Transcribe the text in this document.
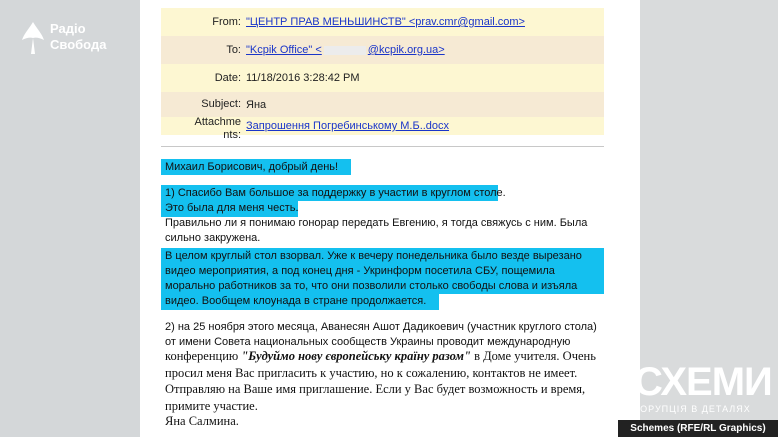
Радіо
Свобода
From: "ЦЕНТР ПРАВ МЕНЬШИНСТВ" <prav.cmr@gmail.com>
To: "Kcpik Office" <	@kcpik.org.ua>
Date: 11/18/2016 3:28:42 PM
Subject: Яна
Attachme
nts:
Запрошення Погребинському М.Б..docx
Михаил Борисович, добрый день!
1) Спасибо Вам большое за поддержку в участии в круглом столе.
Это была для меня честь.
Правильно ли я понимаю гонорар передать Евгению, я тогда свяжусь с ним. Была
сильно закружена.
В целом круглый стол взорвал. Уже к вечеру понедельника было везде вырезано
видео мероприятия, а под конец дня - Укринформ посетила СБУ, пощемила
морально работников за то, что они позволили столько свободы слова и изъяла
видео. Вообщем клоунада в стране продолжается.
2) на 25 ноября этого месяца, Аванесян Ашот Дадикоевич (участник круглого стола)
от имени Совета национальных сообществ Украины проводит международную
конференцию "Будуймо нову європейську країну разом" в Доме учителя. Очень
просил меня Вас пригласить к участию, но к сожалению, контактов не имеет.
Отправляю на Ваше имя приглашение. Если у Вас будет возможность и время,
примите участие.
Яна Салмина.
СХЕМИ
КОРУПЦІЯ В ДЕТАЛЯХ
Schemes (RFE/RL Graphics)
